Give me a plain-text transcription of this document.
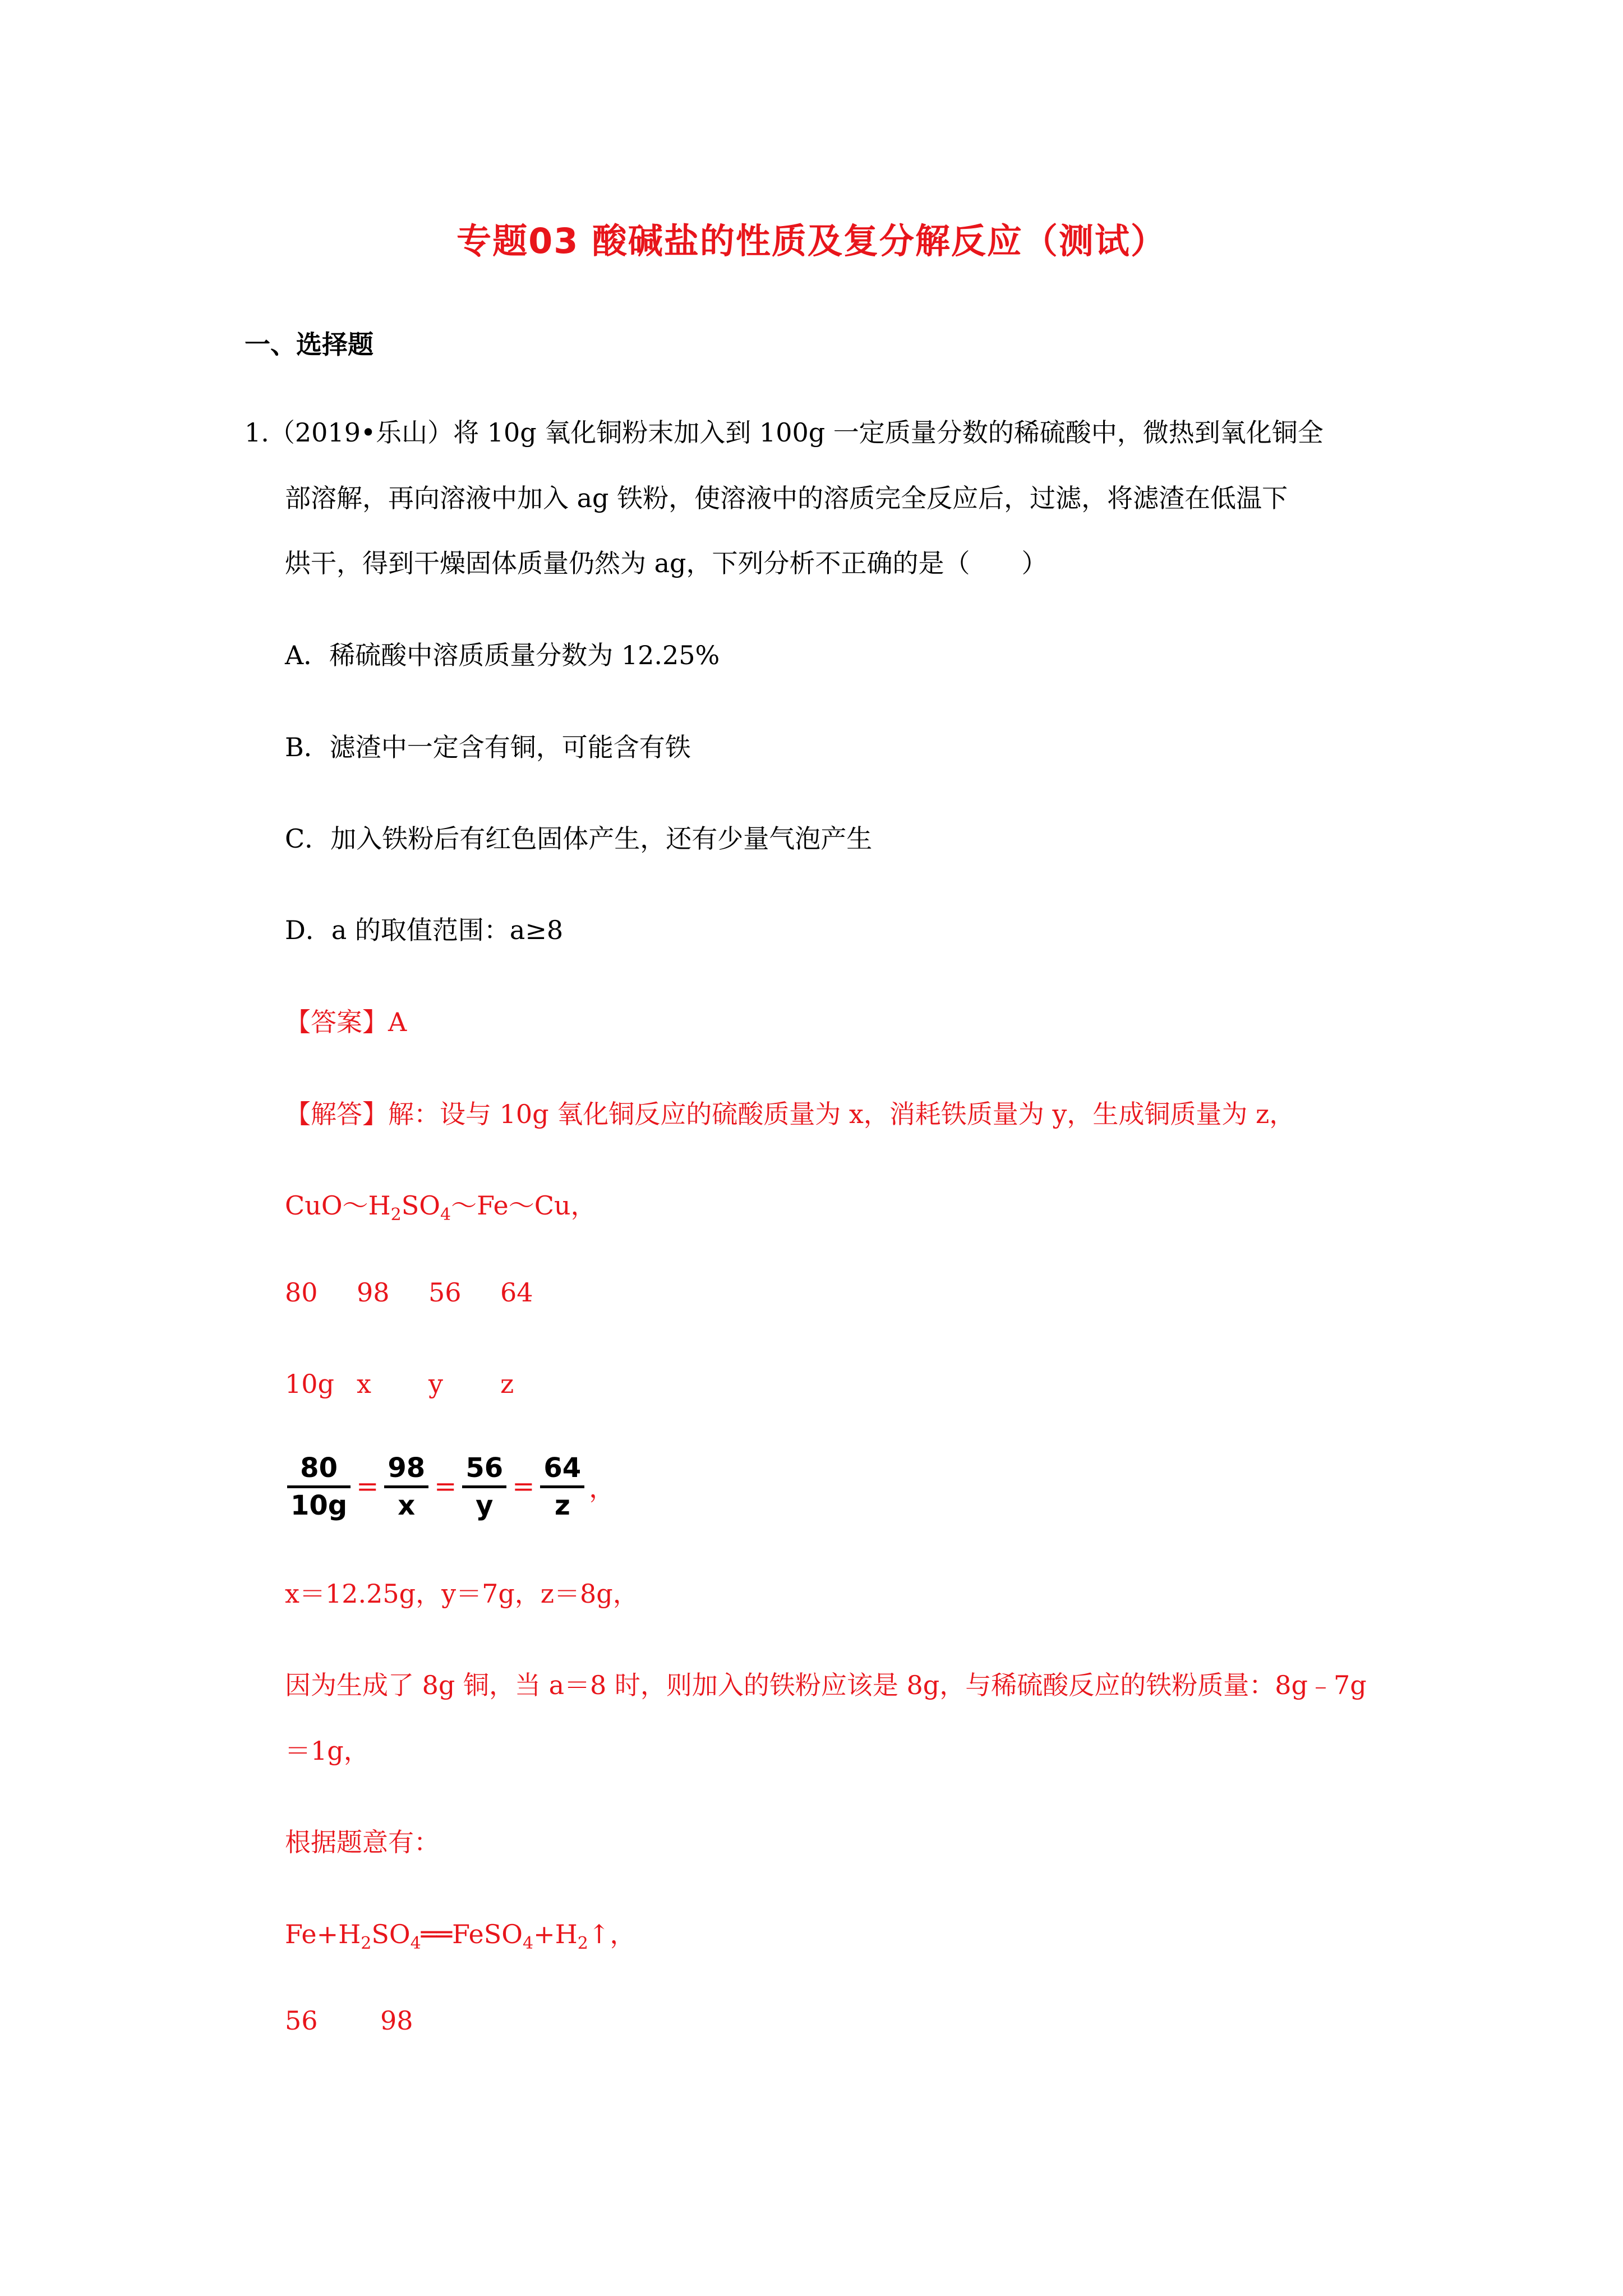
专题03 酸碱盐的性质及复分解反应（测试）
一、选择题
1.（2019•乐山）将 10g 氧化铜粉末加入到 100g 一定质量分数的稀硫酸中，微热到氧化铜全
部溶解，再向溶液中加入 ag 铁粉，使溶液中的溶质完全反应后，过滤，将滤渣在低温下
烘干，得到干燥固体质量仍然为 ag，下列分析不正确的是（　　）
A．稀硫酸中溶质质量分数为 12.25%
B．滤渣中一定含有铜，可能含有铁
C．加入铁粉后有红色固体产生，还有少量气泡产生
D．a 的取值范围：a≥8
【答案】A
【解答】解：设与 10g 氧化铜反应的硫酸质量为 x，消耗铁质量为 y，生成铜质量为 z，
$CuO\sim H_2SO_4\sim Fe\sim Cu$，
80 98 56 64
10g x y z
80
10g
=
98
x
=
56
y
=
64
z
，
x＝12.25g，y＝7g，z＝8g，
因为生成了 8g 铜，当 a＝8 时，则加入的铁粉应该是 8g，与稀硫酸反应的铁粉质量：8g﹣7g
＝1g，
根据题意有：
$Fe+H_2SO_4══FeSO_4+H_2↑$，
56 98
